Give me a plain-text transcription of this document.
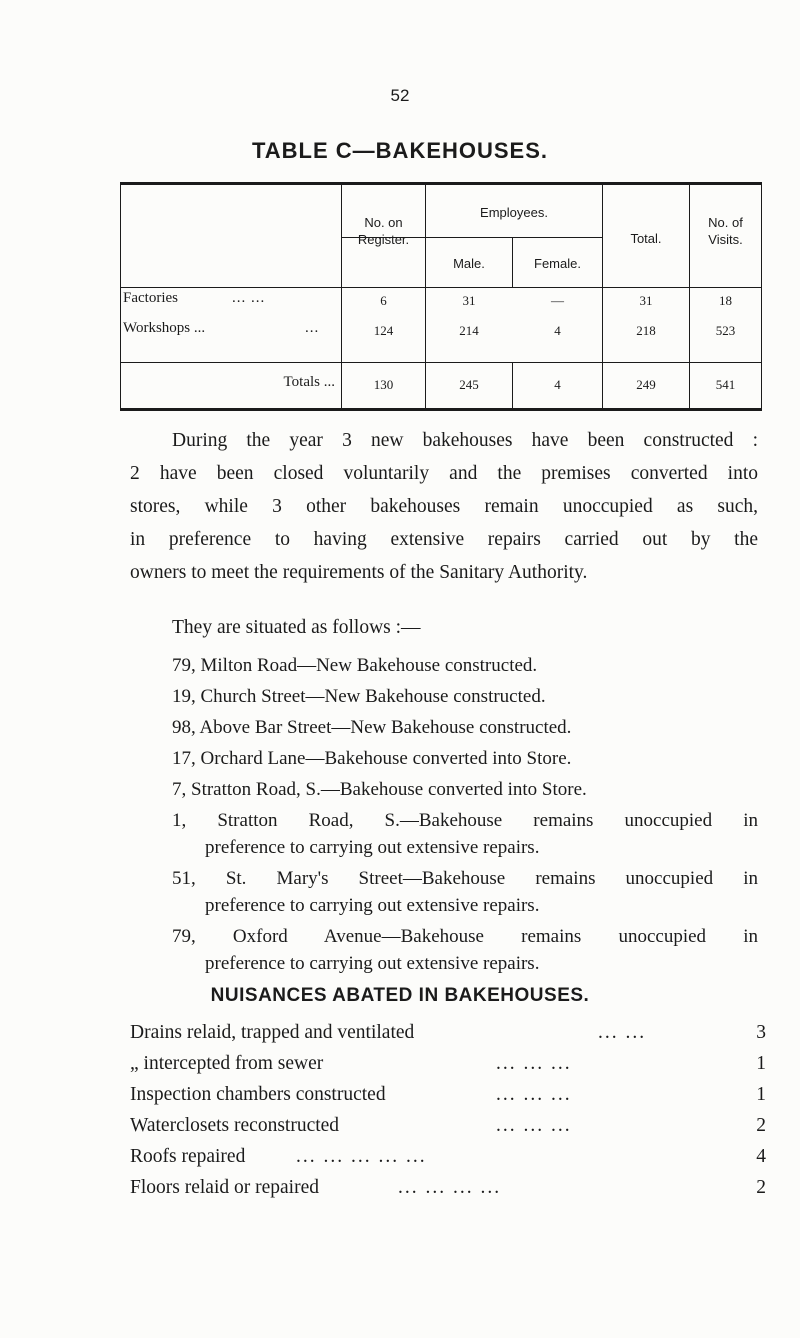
52
TABLE C—BAKEHOUSES.
No. on
Register.
Employees.
Male.	Female.
Total.
No. of
Visits.
Factories	... ...	6	31	—	31	18
Workshops ...	...	124	214	4	218	523
Totals ...	130	245	4	249	541
During the year 3 new bakehouses have been constructed :
2 have been closed voluntarily and the premises converted into
stores, while 3 other bakehouses remain unoccupied as such,
in preference to having extensive repairs carried out by the
owners to meet the requirements of the Sanitary Authority.
They are situated as follows :—
79, Milton Road—New Bakehouse constructed.
19, Church Street—New Bakehouse constructed.
98, Above Bar Street—New Bakehouse constructed.
17, Orchard Lane—Bakehouse converted into Store.
7, Stratton Road, S.—Bakehouse converted into Store.
1, Stratton Road, S.—Bakehouse remains unoccupied in
preference to carrying out extensive repairs.
51, St. Mary's Street—Bakehouse remains unoccupied in
preference to carrying out extensive repairs.
79, Oxford Avenue—Bakehouse remains unoccupied in
preference to carrying out extensive repairs.
NUISANCES ABATED IN BAKEHOUSES.
Drains relaid, trapped and ventilated	... ...	3
„ intercepted from sewer	... ... ...	1
Inspection chambers constructed	... ... ...	1
Waterclosets reconstructed	... ... ...	2
Roofs repaired	... ... ... ... ...	4
Floors relaid or repaired	... ... ... ...	2
